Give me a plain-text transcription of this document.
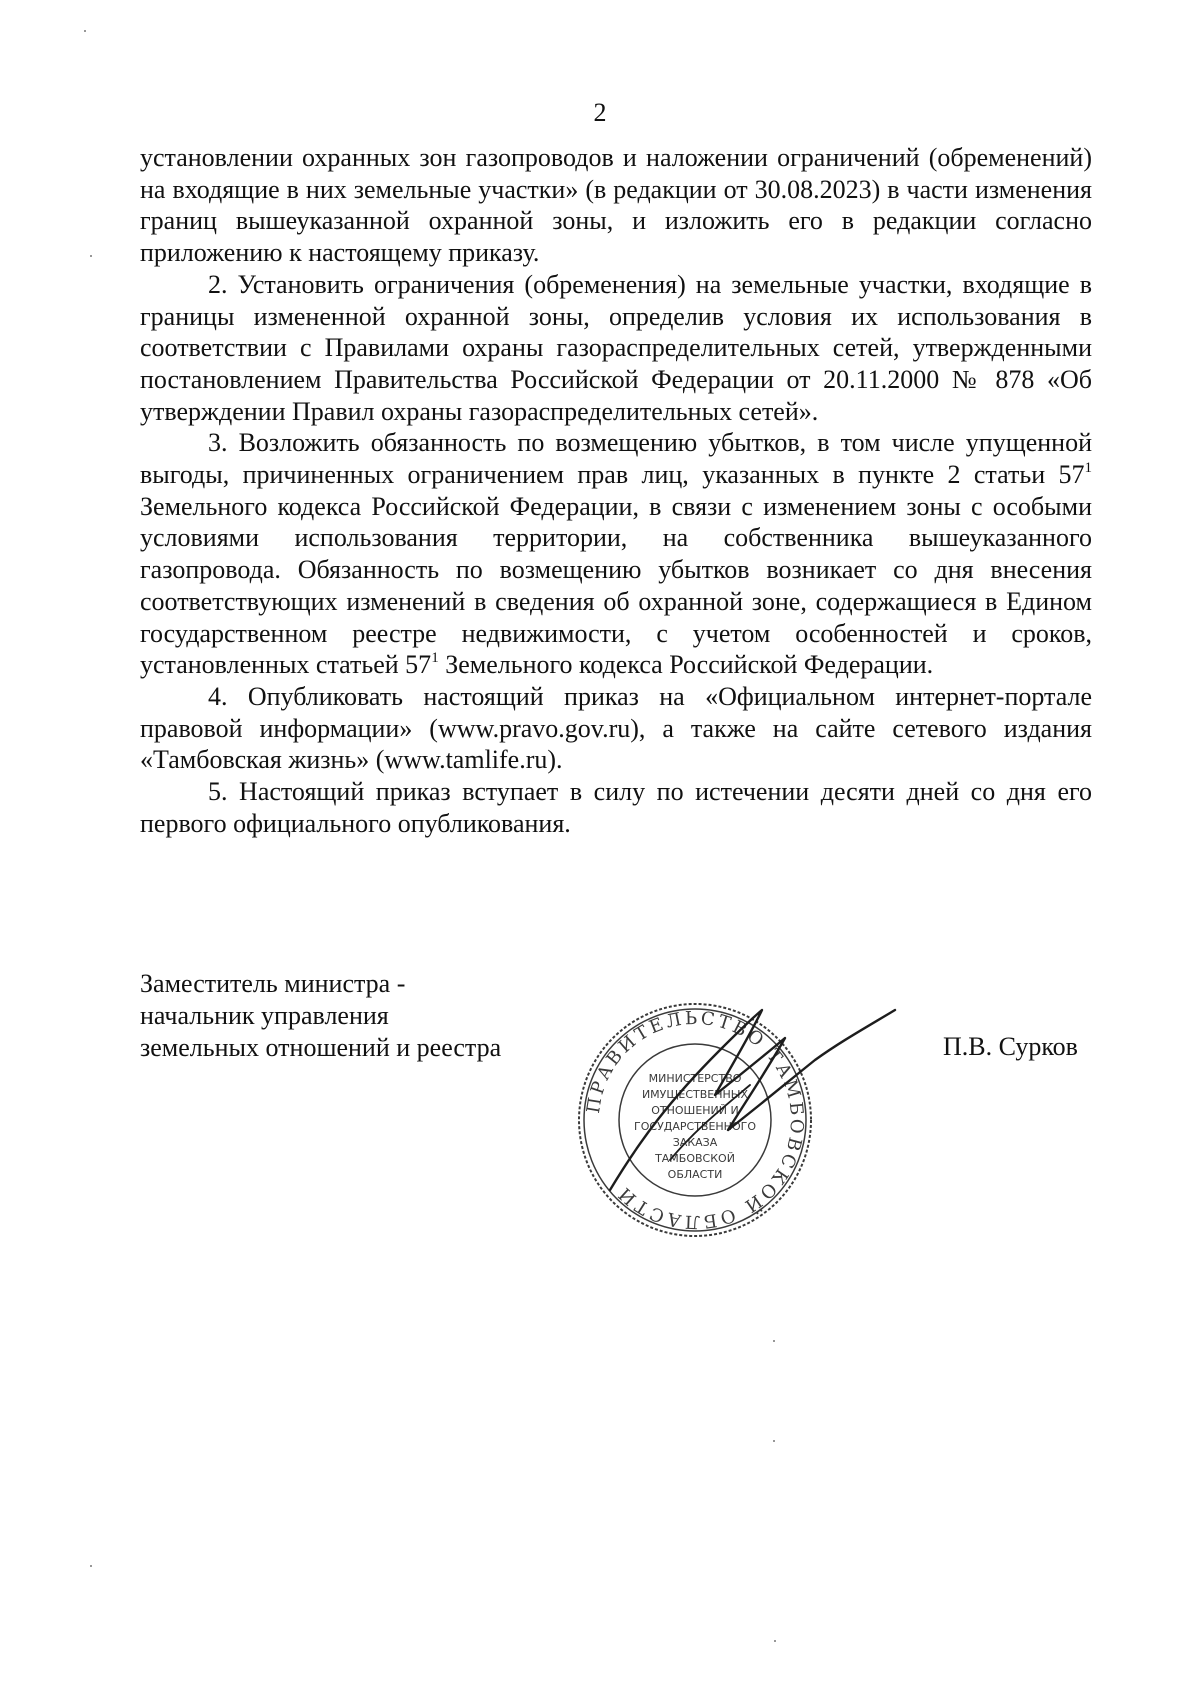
2

установлении охранных зон газопроводов и наложении ограничений (обременений) на входящие в них земельные участки» (в редакции от 30.08.2023) в части изменения границ вышеуказанной охранной зоны, и изложить его в редакции согласно приложению к настоящему приказу.

2. Установить ограничения (обременения) на земельные участки, входящие в границы измененной охранной зоны, определив условия их использования в соответствии с Правилами охраны газораспределительных сетей, утвержденными постановлением Правительства Российской Федерации от 20.11.2000 № 878 «Об утверждении Правил охраны газораспределительных сетей».

3. Возложить обязанность по возмещению убытков, в том числе упущенной выгоды, причиненных ограничением прав лиц, указанных в пункте 2 статьи $57^1$ Земельного кодекса Российской Федерации, в связи с изменением зоны с особыми условиями использования территории, на собственника вышеуказанного газопровода. Обязанность по возмещению убытков возникает со дня внесения соответствующих изменений в сведения об охранной зоне, содержащиеся в Едином государственном реестре недвижимости, с учетом особенностей и сроков, установленных статьей $57^1$ Земельного кодекса Российской Федерации.

4. Опубликовать настоящий приказ на «Официальном интернет-портале правовой информации» (www.pravo.gov.ru), а также на сайте сетевого издания «Тамбовская жизнь» (www.tamlife.ru).

5. Настоящий приказ вступает в силу по истечении десяти дней со дня его первого официального опубликования.

Заместитель министра -
начальник управления
земельных отношений и реестра
ПРАВИТЕЛЬСТВО ТАМБОВСКОЙ ОБЛАСТИ
МИНИСТЕРСТВО
ИМУЩЕСТВЕННЫХ
ОТНОШЕНИЙ И
ГОСУДАРСТВЕННОГО
ЗАКАЗА
ТАМБОВСКОЙ
ОБЛАСТИ
П.В. Сурков
